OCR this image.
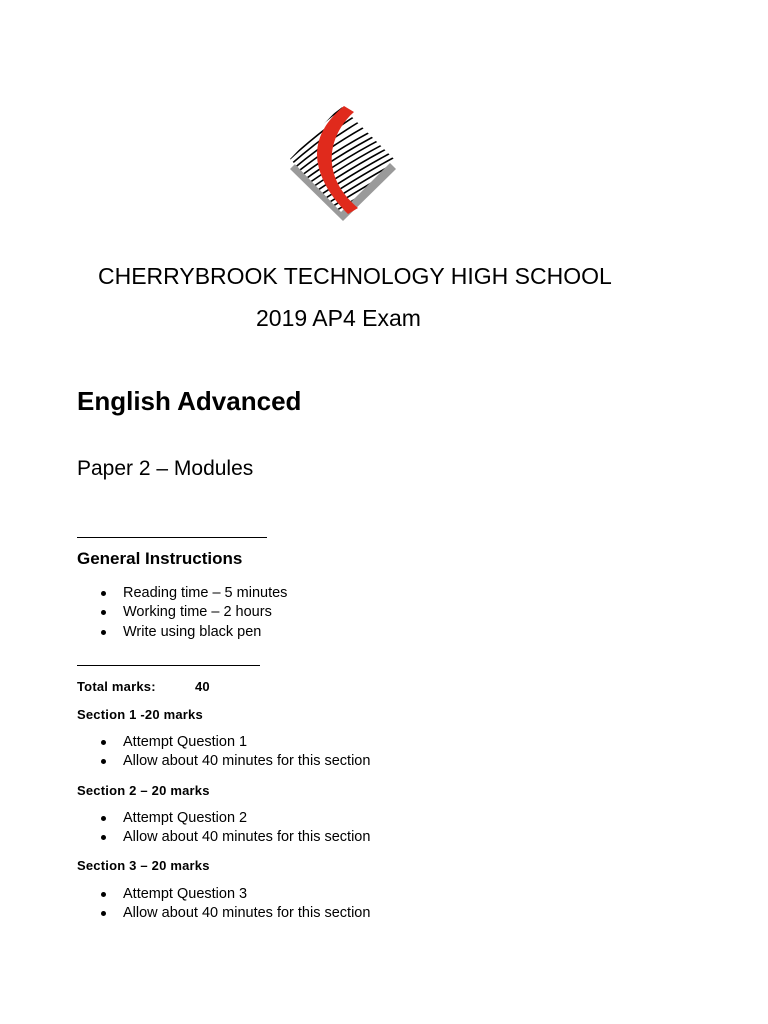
CHERRYBROOK TECHNOLOGY HIGH SCHOOL
2019 AP4 Exam
English Advanced
Paper 2 – Modules
General Instructions
Reading time – 5 minutes
Working time – 2 hours
Write using black pen
Total marks:	40
Section 1 -20 marks
Attempt Question 1
Allow about 40 minutes for this section
Section 2 – 20 marks
Attempt Question 2
Allow about 40 minutes for this section
Section 3 – 20 marks
Attempt Question 3
Allow about 40 minutes for this section
